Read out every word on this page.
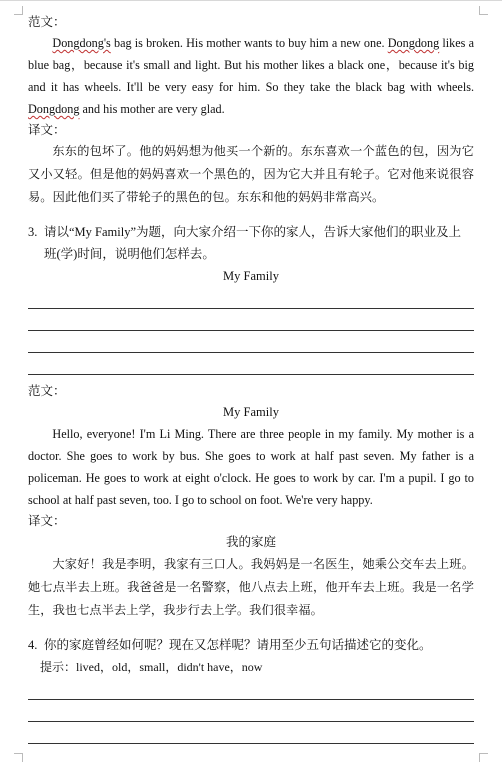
范文：
Dongdong's bag is broken. His mother wants to buy him a new one. Dongdong likes a blue bag，because it's small and light. But his mother likes a black one，because it's big and it has wheels. It'll be very easy for him. So they take the black bag with wheels. Dongdong and his mother are very glad.
译文：
东东的包坏了。他的妈妈想为他买一个新的。东东喜欢一个蓝色的包，因为它又小又轻。但是他的妈妈喜欢一个黑色的，因为它大并且有轮子。它对他来说很容易。因此他们买了带轮子的黑色的包。东东和他的妈妈非常高兴。
3. 请以“My Family”为题，向大家介绍一下你的家人，告诉大家他们的职业及上
班(学)时间，说明他们怎样去。
My Family
范文：
My Family
Hello, everyone! I'm Li Ming. There are three people in my family. My mother is a doctor. She goes to work by bus. She goes to work at half past seven. My father is a policeman. He goes to work at eight o'clock. He goes to work by car. I'm a pupil. I go to school at half past seven, too. I go to school on foot. We're very happy.
译文：
我的家庭
大家好！我是李明，我家有三口人。我妈妈是一名医生，她乘公交车去上班。她七点半去上班。我爸爸是一名警察，他八点去上班，他开车去上班。我是一名学生，我也七点半去上学，我步行去上学。我们很幸福。
4. 你的家庭曾经如何呢？现在又怎样呢？请用至少五句话描述它的变化。
提示：lived，old，small，didn't have，now
